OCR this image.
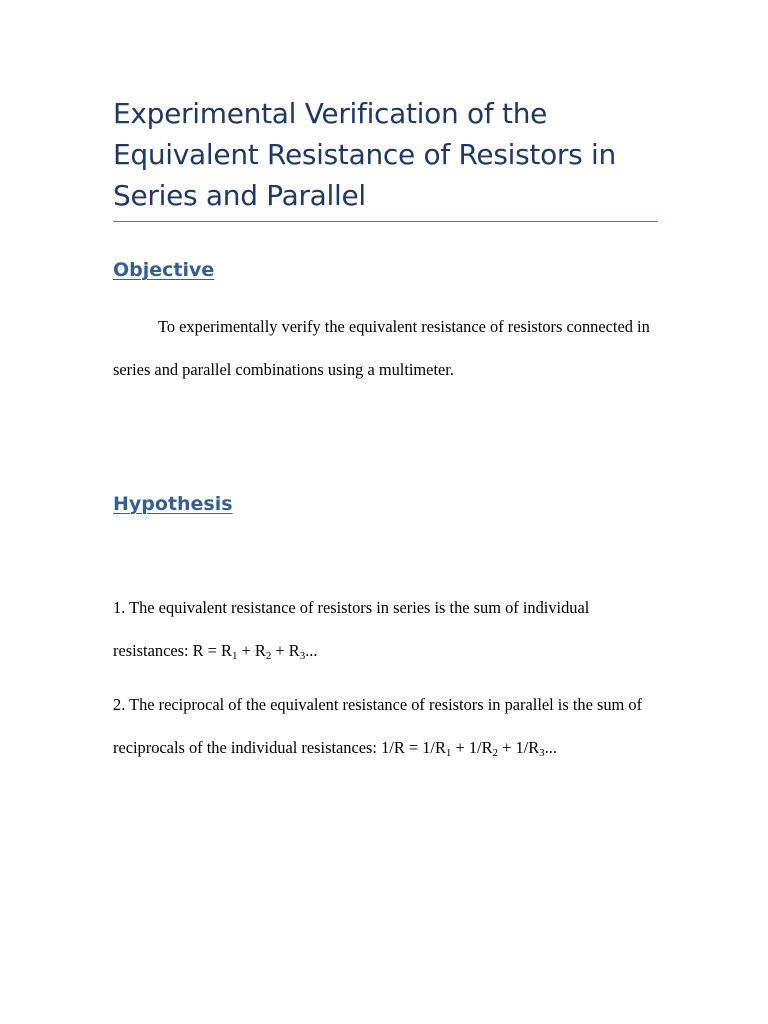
Experimental Verification of the Equivalent Resistance of Resistors in Series and Parallel
Objective

To experimentally verify the equivalent resistance of resistors connected in series and parallel combinations using a multimeter.

Hypothesis

1. The equivalent resistance of resistors in series is the sum of individual resistances: $R = R_1 + R_2 + R_3$...

2. The reciprocal of the equivalent resistance of resistors in parallel is the sum of reciprocals of the individual resistances: $1/R = 1/R_1 + 1/R_2 + 1/R_3$...
